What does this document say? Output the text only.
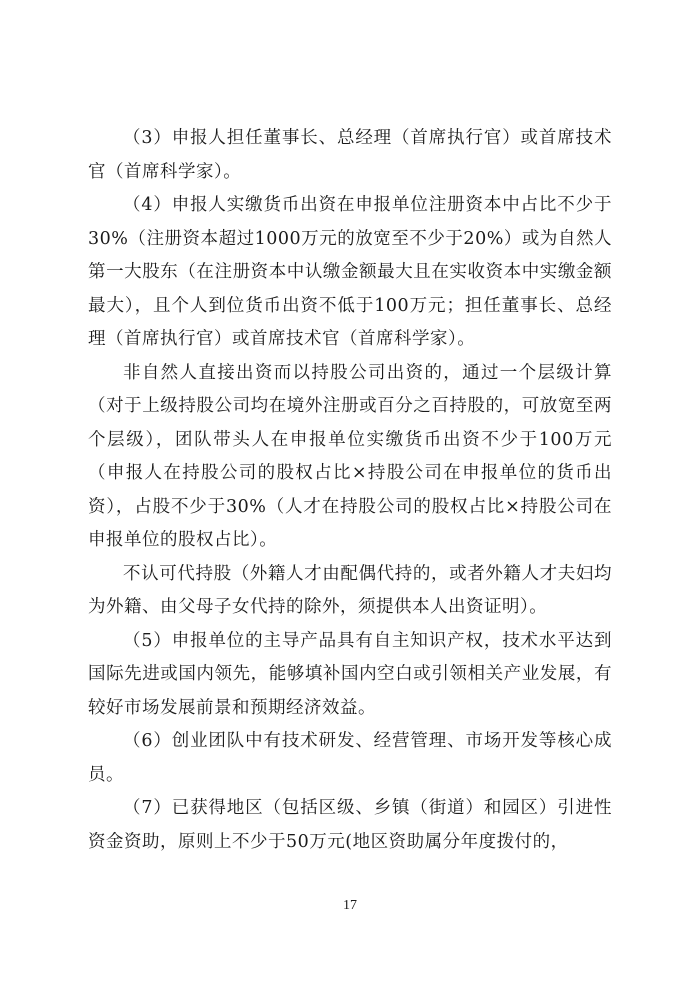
（3）申报人担任董事长、总经理（首席执行官）或首席技术官（首席科学家）。

（4）申报人实缴货币出资在申报单位注册资本中占比不少于30%（注册资本超过1000万元的放宽至不少于20%）或为自然人第一大股东（在注册资本中认缴金额最大且在实收资本中实缴金额最大），且个人到位货币出资不低于100万元；担任董事长、总经理（首席执行官）或首席技术官（首席科学家）。

非自然人直接出资而以持股公司出资的，通过一个层级计算（对于上级持股公司均在境外注册或百分之百持股的，可放宽至两个层级），团队带头人在申报单位实缴货币出资不少于100万元（申报人在持股公司的股权占比×持股公司在申报单位的货币出资），占股不少于30%（人才在持股公司的股权占比×持股公司在申报单位的股权占比）。

不认可代持股（外籍人才由配偶代持的，或者外籍人才夫妇均为外籍、由父母子女代持的除外，须提供本人出资证明）。

（5）申报单位的主导产品具有自主知识产权，技术水平达到国际先进或国内领先，能够填补国内空白或引领相关产业发展，有较好市场发展前景和预期经济效益。

（6）创业团队中有技术研发、经营管理、市场开发等核心成员。

（7）已获得地区（包括区级、乡镇（街道）和园区）引进性资金资助，原则上不少于50万元(地区资助属分年度拨付的，

17
